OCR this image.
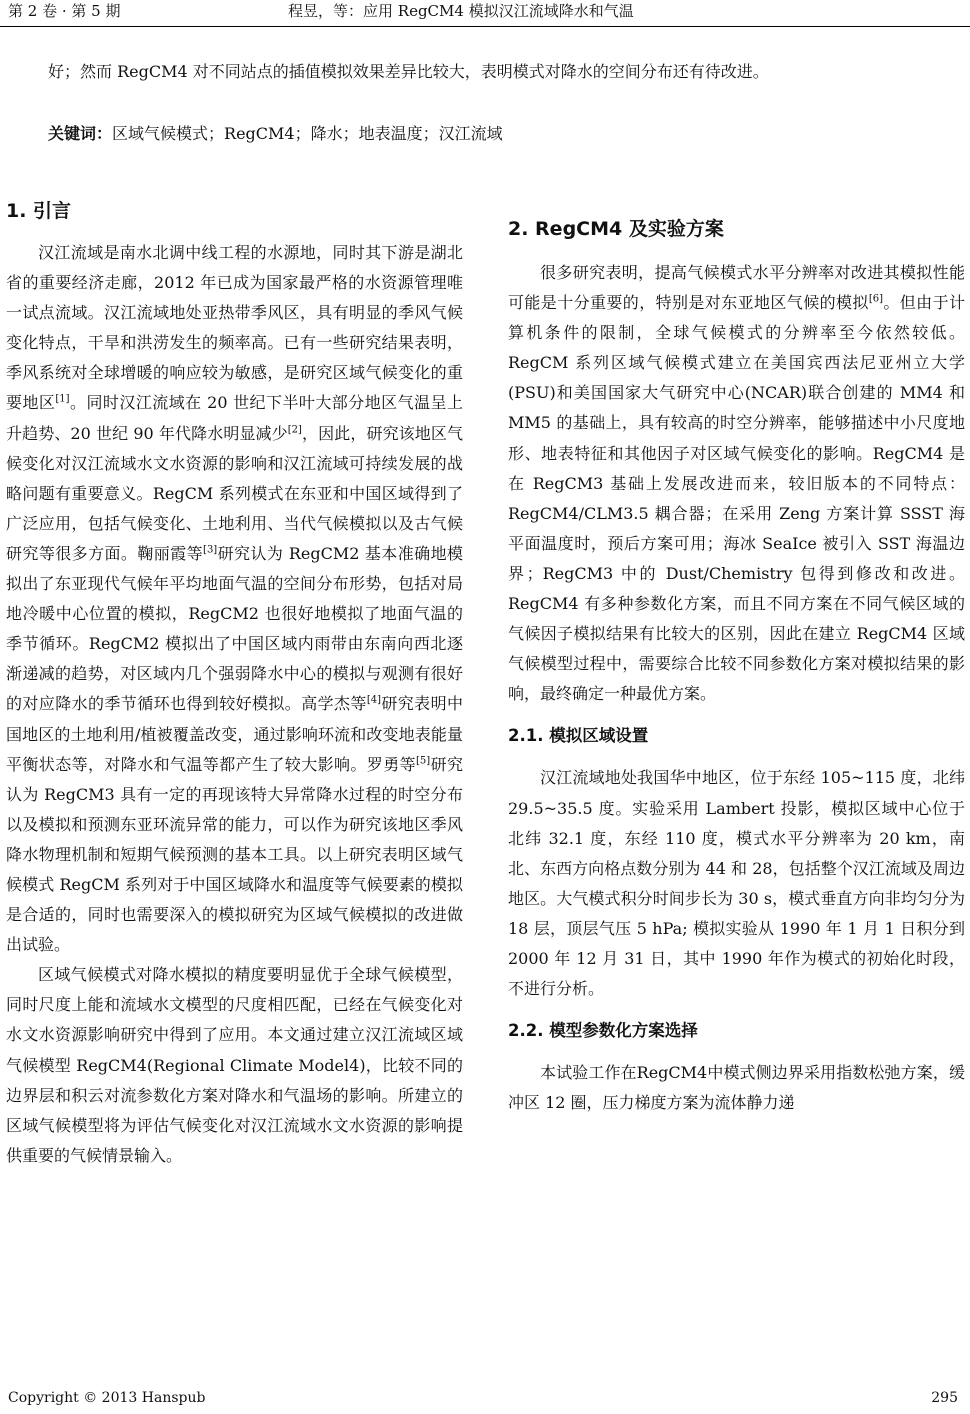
第 2 卷 · 第 5 期	程昱，等：应用 RegCM4 模拟汉江流域降水和气温
好；然而 RegCM4 对不同站点的插值模拟效果差异比较大，表明模式对降水的空间分布还有待改进。
关键词：区域气候模式；RegCM4；降水；地表温度；汉江流域
1. 引言

汉江流域是南水北调中线工程的水源地，同时其下游是湖北省的重要经济走廊，2012 年已成为国家最严格的水资源管理唯一试点流域。汉江流域地处亚热带季风区，具有明显的季风气候变化特点，干旱和洪涝发生的频率高。已有一些研究结果表明，季风系统对全球增暖的响应较为敏感，是研究区域气候变化的重要地区[1]。同时汉江流域在 20 世纪下半叶大部分地区气温呈上升趋势、20 世纪 90 年代降水明显减少[2]，因此，研究该地区气候变化对汉江流域水文水资源的影响和汉江流域可持续发展的战略问题有重要意义。RegCM 系列模式在东亚和中国区域得到了广泛应用，包括气候变化、土地利用、当代气候模拟以及古气候研究等很多方面。鞠丽霞等[3]研究认为 RegCM2 基本准确地模拟出了东亚现代气候年平均地面气温的空间分布形势，包括对局地冷暖中心位置的模拟，RegCM2 也很好地模拟了地面气温的季节循环。RegCM2 模拟出了中国区域内雨带由东南向西北逐渐递减的趋势，对区域内几个强弱降水中心的模拟与观测有很好的对应降水的季节循环也得到较好模拟。高学杰等[4]研究表明中国地区的土地利用/植被覆盖改变，通过影响环流和改变地表能量平衡状态等，对降水和气温等都产生了较大影响。罗勇等[5]研究认为 RegCM3 具有一定的再现该特大异常降水过程的时空分布以及模拟和预测东亚环流异常的能力，可以作为研究该地区季风降水物理机制和短期气候预测的基本工具。以上研究表明区域气候模式 RegCM 系列对于中国区域降水和温度等气候要素的模拟是合适的，同时也需要深入的模拟研究为区域气候模拟的改进做出试验。

区域气候模式对降水模拟的精度要明显优于全球气候模型，同时尺度上能和流域水文模型的尺度相匹配，已经在气候变化对水文水资源影响研究中得到了应用。本文通过建立汉江流域区域气候模型 RegCM4(Regional Climate Model4)，比较不同的边界层和积云对流参数化方案对降水和气温场的影响。所建立的区域气候模型将为评估气候变化对汉江流域水文水资源的影响提供重要的气候情景输入。

2. RegCM4 及实验方案

很多研究表明，提高气候模式水平分辨率对改进其模拟性能可能是十分重要的，特别是对东亚地区气候的模拟[6]。但由于计算机条件的限制，全球气候模式的分辨率至今依然较低。RegCM 系列区域气候模式建立在美国宾西法尼亚州立大学(PSU)和美国国家大气研究中心(NCAR)联合创建的 MM4 和 MM5 的基础上，具有较高的时空分辨率，能够描述中小尺度地形、地表特征和其他因子对区域气候变化的影响。RegCM4 是在 RegCM3 基础上发展改进而来，较旧版本的不同特点：RegCM4/CLM3.5 耦合器；在采用 Zeng 方案计算 SSST 海平面温度时，预后方案可用；海冰 SeaIce 被引入 SST 海温边界；RegCM3 中的 Dust/Chemistry 包得到修改和改进。RegCM4 有多种参数化方案，而且不同方案在不同气候区域的气候因子模拟结果有比较大的区别，因此在建立 RegCM4 区域气候模型过程中，需要综合比较不同参数化方案对模拟结果的影响，最终确定一种最优方案。

2.1. 模拟区域设置

汉江流域地处我国华中地区，位于东经 105~115 度，北纬 29.5~35.5 度。实验采用 Lambert 投影，模拟区域中心位于北纬 32.1 度，东经 110 度，模式水平分辨率为 20 km，南北、东西方向格点数分别为 44 和 28，包括整个汉江流域及周边地区。大气模式积分时间步长为 30 s，模式垂直方向非均匀分为 18 层，顶层气压 5 hPa; 模拟实验从 1990 年 1 月 1 日积分到 2000 年 12 月 31 日，其中 1990 年作为模式的初始化时段，不进行分析。

2.2. 模型参数化方案选择

本试验工作在RegCM4中模式侧边界采用指数松弛方案，缓冲区 12 圈，压力梯度方案为流体静力递

Copyright © 2013 Hanspub	295
